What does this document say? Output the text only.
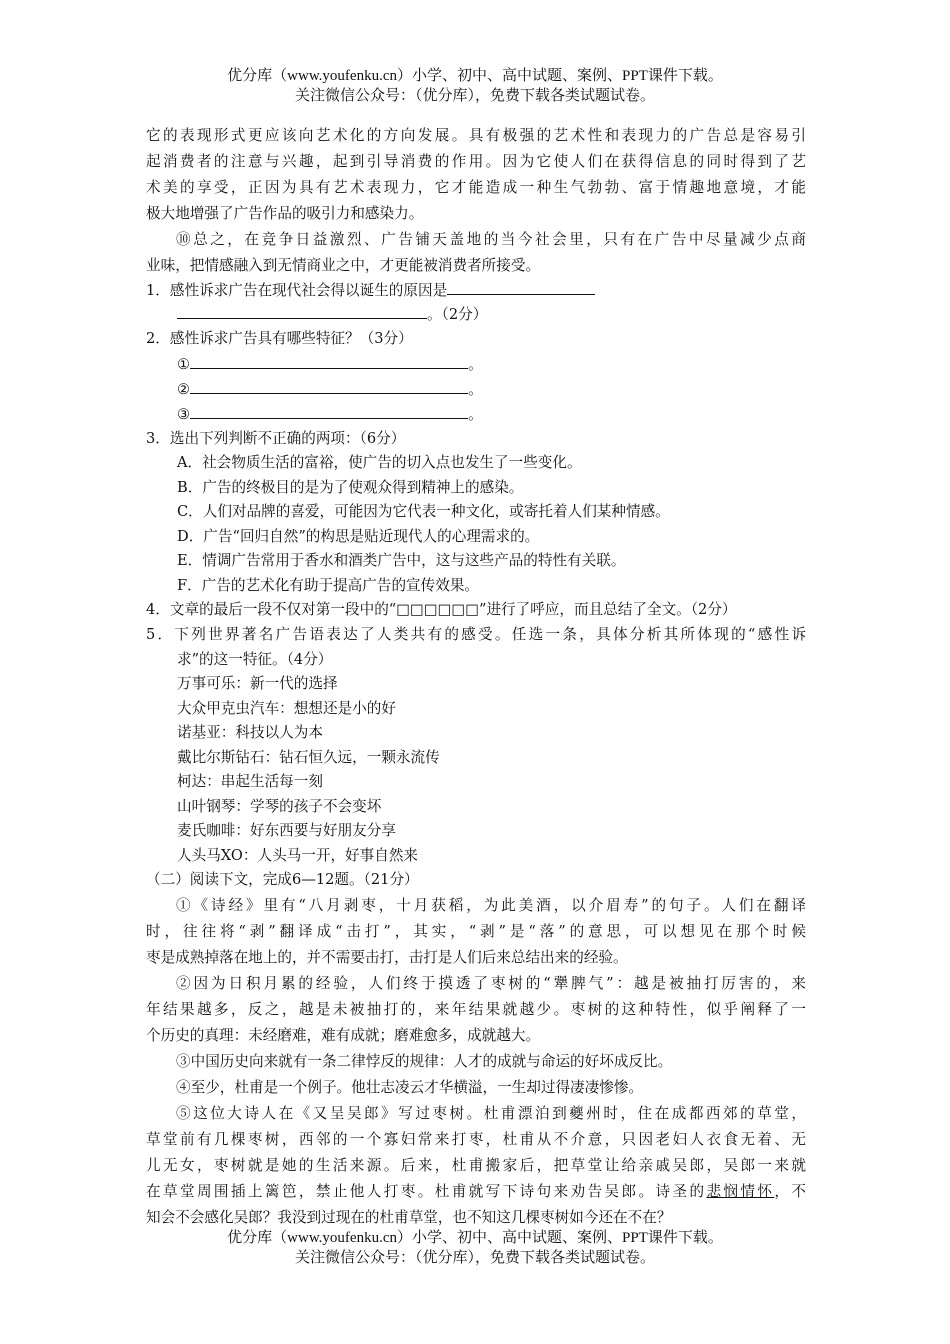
优分库（www.youfenku.cn）小学、初中、高中试题、案例、PPT课件下载。
关注微信公众号：（优分库），免费下载各类试题试卷。
它的表现形式更应该向艺术化的方向发展。具有极强的艺术性和表现力的广告总是容易引
起消费者的注意与兴趣，起到引导消费的作用。因为它使人们在获得信息的同时得到了艺
术美的享受，正因为具有艺术表现力，它才能造成一种生气勃勃、富于情趣地意境，才能
极大地增强了广告作品的吸引力和感染力。
⑩总之，在竞争日益激烈、广告铺天盖地的当今社会里，只有在广告中尽量减少点商
业味，把情感融入到无情商业之中，才更能被消费者所接受。
1．感性诉求广告在现代社会得以诞生的原因是
。（2分）
2．感性诉求广告具有哪些特征？（3分）
①	。
②	。
③	。
3．选出下列判断不正确的两项：（6分）
A．社会物质生活的富裕，使广告的切入点也发生了一些变化。
B．广告的终极目的是为了使观众得到精神上的感染。
C．人们对品牌的喜爱，可能因为它代表一种文化，或寄托着人们某种情感。
D．广告“回归自然”的构思是贴近现代人的心理需求的。
E．情调广告常用于香水和酒类广告中，这与这些产品的特性有关联。
F．广告的艺术化有助于提高广告的宣传效果。
4．文章的最后一段不仅对第一段中的“□□□□□□”进行了呼应，而且总结了全文。（2分）
5．下列世界著名广告语表达了人类共有的感受。任选一条，具体分析其所体现的“感性诉
求”的这一特征。（4分）
万事可乐：新一代的选择
大众甲克虫汽车：想想还是小的好
诺基亚：科技以人为本
戴比尔斯钻石：钻石恒久远，一颗永流传
柯达：串起生活每一刻
山叶钢琴：学琴的孩子不会变坏
麦氏咖啡：好东西要与好朋友分享
人头马XO：人头马一开，好事自然来
（二）阅读下文，完成6—12题。（21分）
①《诗经》里有“八月剥枣，十月获稻，为此美酒，以介眉寿”的句子。人们在翻译
时，往往将“剥”翻译成“击打”，其实，“剥”是“落”的意思，可以想见在那个时候
枣是成熟掉落在地上的，并不需要击打，击打是人们后来总结出来的经验。
②因为日积月累的经验，人们终于摸透了枣树的“犟脾气”：越是被抽打厉害的，来
年结果越多，反之，越是未被抽打的，来年结果就越少。枣树的这种特性，似乎阐释了一
个历史的真理：未经磨难，难有成就；磨难愈多，成就越大。
③中国历史向来就有一条二律悖反的规律：人才的成就与命运的好坏成反比。
④至少，杜甫是一个例子。他壮志凌云才华横溢，一生却过得凄凄惨惨。
⑤这位大诗人在《又呈吴郎》写过枣树。杜甫漂泊到夔州时，住在成都西郊的草堂，
草堂前有几棵枣树，西邻的一个寡妇常来打枣，杜甫从不介意，只因老妇人衣食无着、无
儿无女，枣树就是她的生活来源。后来，杜甫搬家后，把草堂让给亲戚吴郎，吴郎一来就
在草堂周围插上篱笆，禁止他人打枣。杜甫就写下诗句来劝告吴郎。诗圣的悲悯情怀，不
知会不会感化吴郎？我没到过现在的杜甫草堂，也不知这几棵枣树如今还在不在？
优分库（www.youfenku.cn）小学、初中、高中试题、案例、PPT课件下载。
关注微信公众号：（优分库），免费下载各类试题试卷。
